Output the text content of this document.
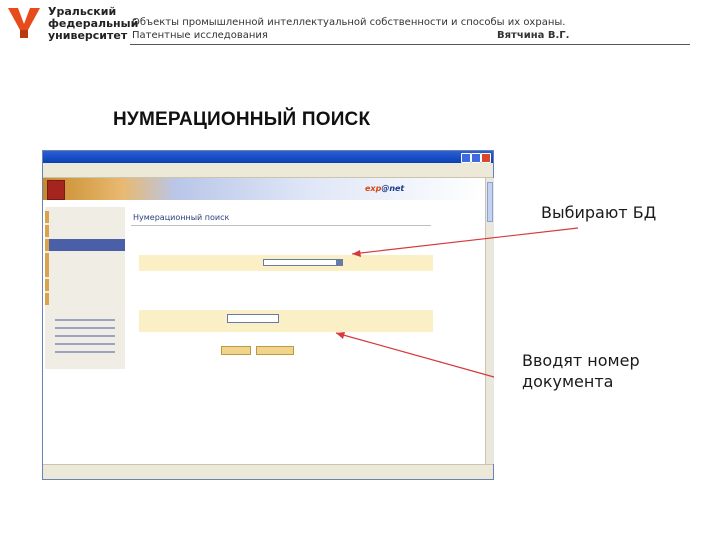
Уральский
федеральный
университет
Объекты промышленной интеллектуальной собственности и способы их охраны.
Патентные исследования	Вятчина В.Г.
НУМЕРАЦИОННЫЙ ПОИСК
exp@net
Нумерационный поиск	Выбирают БД
Вводят номер
документа
